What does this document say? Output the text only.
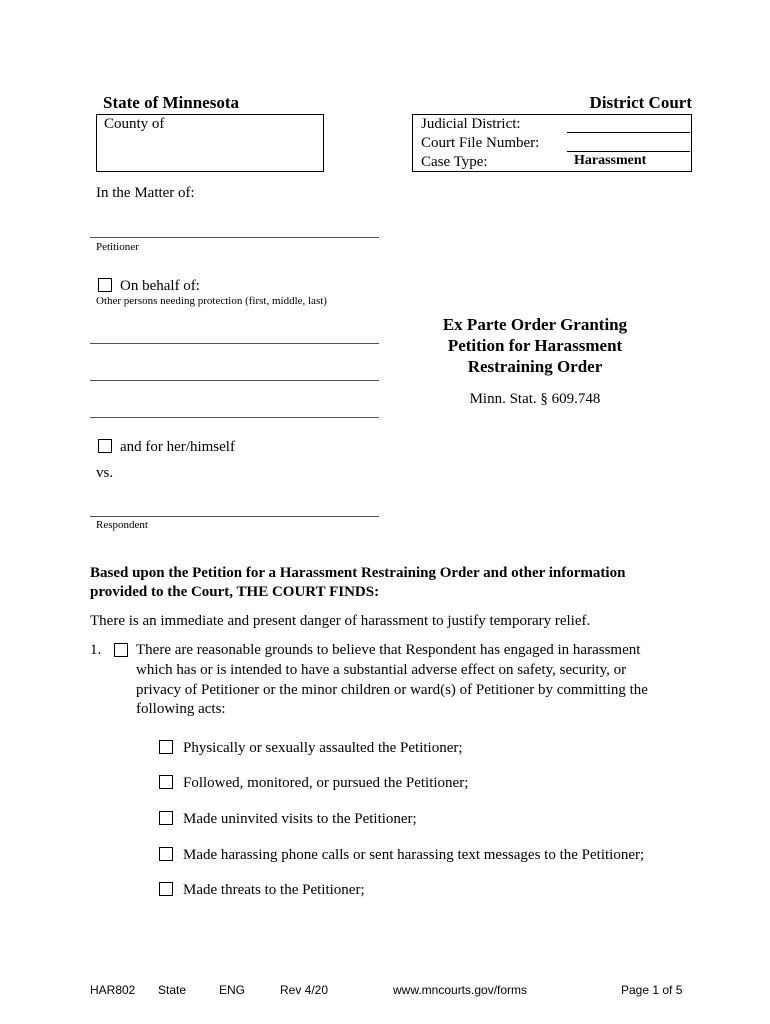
State of Minnesota	District Court
County of	Judicial District:
Court File Number:
Case Type:	Harassment
In the Matter of:
Petitioner
On behalf of:
Other persons needing protection (first, middle, last)
and for her/himself
vs.
Respondent
Ex Parte Order Granting
Petition for Harassment
Restraining Order
Minn. Stat. § 609.748
Based upon the Petition for a Harassment Restraining Order and other information
provided to the Court, THE COURT FINDS:
There is an immediate and present danger of harassment to justify temporary relief.
1. There are reasonable grounds to believe that Respondent has engaged in harassment
which has or is intended to have a substantial adverse effect on safety, security, or
privacy of Petitioner or the minor children or ward(s) of Petitioner by committing the
following acts:
Physically or sexually assaulted the Petitioner;
Followed, monitored, or pursued the Petitioner;
Made uninvited visits to the Petitioner;
Made harassing phone calls or sent harassing text messages to the Petitioner;
Made threats to the Petitioner;
HAR802 State	ENG	Rev 4/20	www.mncourts.gov/forms	Page 1 of 5
